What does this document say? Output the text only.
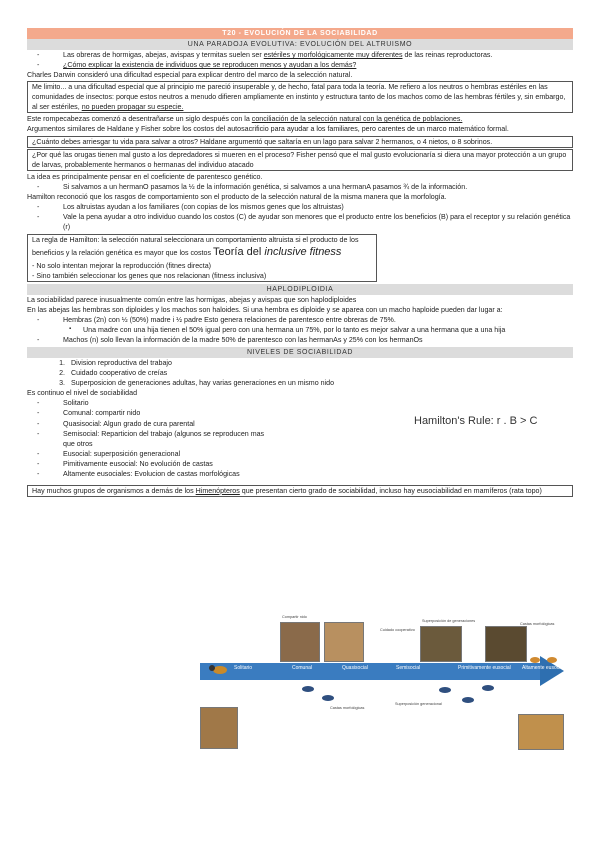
T20 - EVOLUCIÓN DE LA SOCIABILIDAD
UNA PARADOJA EVOLUTIVA: EVOLUCIÓN DEL ALTRUISMO
- Las obreras de hormigas, abejas, avispas y termitas suelen ser estériles y morfológicamente muy diferentes de las reinas reproductoras.
- ¿Cómo explicar la existencia de individuos que se reproducen menos y ayudan a los demás?

Charles Darwin consideró una dificultad especial para explicar dentro del marco de la selección natural.

Me limito... a una dificultad especial que al principio me pareció insuperable y, de hecho, fatal para toda la teoría. Me refiero a los neutros o hembras estériles en las comunidades de insectos: porque estos neutros a menudo difieren ampliamente en instinto y estructura tanto de los machos como de las hembras fértiles y, sin embargo, al ser estériles, no pueden propagar su especie.

Este rompecabezas comenzó a desentrañarse un siglo después con la conciliación de la selección natural con la genética de poblaciones.

Argumentos similares de Haldane y Fisher sobre los costos del autosacrificio para ayudar a los familiares, pero carentes de un marco matemático formal.

¿Cuánto debes arriesgar tu vida para salvar a otros? Haldane argumentó que saltaría en un lago para salvar 2 hermanos, o 4 nietos, o 8 sobrinos.
¿Por qué las orugas tienen mal gusto a los depredadores si mueren en el proceso? Fisher pensó que el mal gusto evolucionaría si diera una mayor protección a un grupo de larvas, probablemente hermanos o hermanas del individuo atacado

La idea es principalmente pensar en el coeficiente de parentesco genético.

- Si salvamos a un hermanO pasamos la ½ de la información genética, si salvamos a una hermanA pasamos ¾ de la información.

Hamilton reconoció que los rasgos de comportamiento son el producto de la selección natural de la misma manera que la morfología.

- Los altruistas ayudan a los familiares (con copias de los mismos genes que los altruistas)
- Vale la pena ayudar a otro individuo cuando los costos (C) de ayudar son menores que el producto entre los beneficios (B) para el receptor y su relación genética (r)
La regla de Hamilton: la selección natural seleccionara un comportamiento altruista si el producto de los beneficios y la relación genética es mayor que los costos Teoría del inclusive fitness
- No solo intentan mejorar la reproducción (fitnes directa)
- Sino también seleccionar los genes que nos relacionan (fitness inclusiva)
HAPLODIPLOIDIA

La sociabilidad parece inusualmente común entre las hormigas, abejas y avispas que son haplodiploides

En las abejas las hembras son diploides y los machos son haloides. Si una hembra es diploide y se aparea con un macho haploide pueden dar lugar a:

- Hembras (2n) con ½ (50%) madre i ½ padre Esto genera relaciones de parentesco entre obreras de 75%.
▪ Una madre con una hija tienen el 50% igual pero con una hermana un 75%, por lo tanto es mejor salvar a una hermana que a una hija
- Machos (n) solo llevan la información de la madre 50% de parentesco con las hermanAs y 25% con los hermanOs
NIVELES DE SOCIABILIDAD
1. Division reproductiva del trabajo
2. Cuidado cooperativo de creías
3. Superposicion de generaciones adultas, hay varias generaciones en un mismo nido

Es continuo el nivel de sociabilidad

- Solitario
- Comunal: compartir nido
- Quasisocial: Algun grado de cura parental
- Semisocial: Reparticion del trabajo (algunos se reproducen mas que otros
- Eusocial: superposición generacional
- Pimitivamente eusocial: No evolución de castas
- Altamente eusociales: Evolucion de castas morfológicas
Hay muchos grupos de organismos a demás de los Himenópteros que presentan cierto grado de sociabilidad, incluso hay eusociabilidad en mamíferos (rata topo)
Hamilton's Rule: r . B > C
Compartir nido
Cuidado cooperativo
Superposición de generaciones
Castas morfológicas
Superposición generacional
Castas morfológicas
Solitario	Comunal	Quasisocial	Semisocial	Primitivamente eusocial Altamente eusocial
